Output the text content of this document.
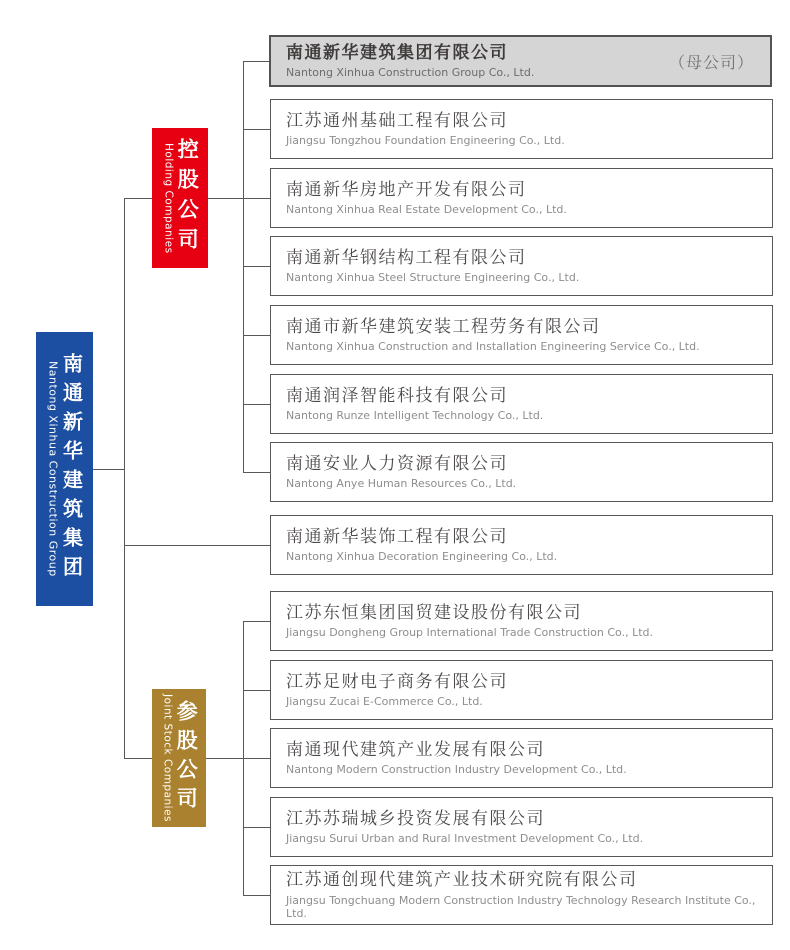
Nantong Xinhua Construction Group 南通新华建筑集团
Holding Companies 控股公司
Joint Stock Companies 参股公司
南通新华建筑集团有限公司
Nantong Xinhua Construction Group Co., Ltd.
（母公司）
江苏通州基础工程有限公司
Jiangsu Tongzhou Foundation Engineering Co., Ltd.
南通新华房地产开发有限公司
Nantong Xinhua Real Estate Development Co., Ltd.
南通新华钢结构工程有限公司
Nantong Xinhua Steel Structure Engineering Co., Ltd.
南通市新华建筑安装工程劳务有限公司
Nantong Xinhua Construction and Installation Engineering Service Co., Ltd.
南通润泽智能科技有限公司
Nantong Runze Intelligent Technology Co., Ltd.
南通安业人力资源有限公司
Nantong Anye Human Resources Co., Ltd.
南通新华装饰工程有限公司
Nantong Xinhua Decoration Engineering Co., Ltd.
江苏东恒集团国贸建设股份有限公司
Jiangsu Dongheng Group International Trade Construction Co., Ltd.
江苏足财电子商务有限公司
Jiangsu Zucai E-Commerce Co., Ltd.
南通现代建筑产业发展有限公司
Nantong Modern Construction Industry Development Co., Ltd.
江苏苏瑞城乡投资发展有限公司
Jiangsu Surui Urban and Rural Investment Development Co., Ltd.
江苏通创现代建筑产业技术研究院有限公司
Jiangsu Tongchuang Modern Construction Industry Technology Research Institute Co., Ltd.
